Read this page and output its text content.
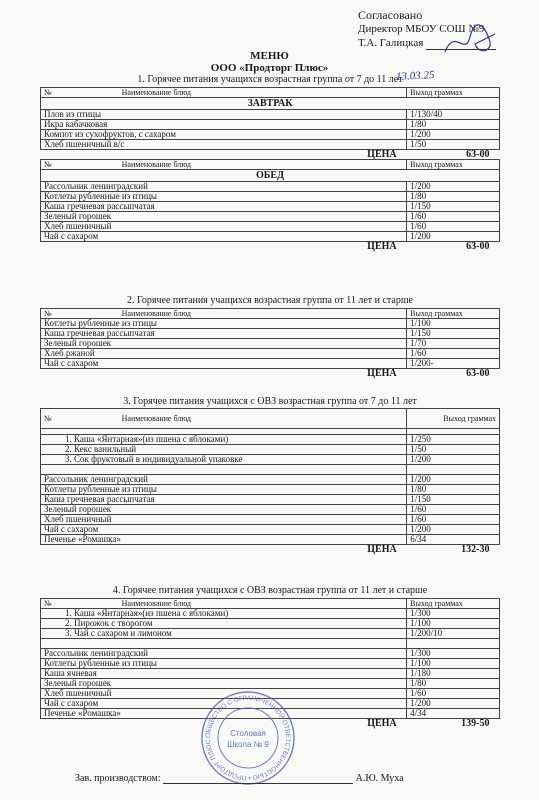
Согласовано
Директор МБОУ СОШ №9
Т.А. Галицкая
13.03.25
МЕНЮ
ООО «Продторг Плюс»
1. Горячее питания учащихся возрастная группа от 7 до 11 лет
№ Наименование блюд	Выход граммах
ЗАВТРАК	
Плов из птицы	1/130/40
Икра кабачковая	1/80
Компот из сухофруктов, с сахаром	1/200
Хлеб пшеничный в/с	1/50
ЦЕНА	63-00
№ Наименование блюд	Выход граммах
ОБЕД	
Рассольник ленинградский	1/200
Котлеты рубленные из птицы	1/80
Каша гречневая рассыпчатая	1/150
Зеленый горошек	1/60
Хлеб пшеничный	1/60
Чай с сахаром	1/200
ЦЕНА	63-00
2. Горячее питания учащихся возрастная группа от 11 лет и старше
№ Наименование блюд	Выход граммах
Котлеты рубленные из птицы	1/100
Каша гречневая рассыпчатая	1/150
Зеленый горошек	1/70
Хлеб ржаной	1/60
Чай с сахаром	1/200-
ЦЕНА	63-00
3. Горячее питания учащихся с ОВЗ возрастная группа от 7 до 11 лет
№ Наименование блюд	Выход граммах

1. Каша «Янтарная»(из пшена с яблоками)	1/250
2. Кекс ванильный	1/50
3. Сок фруктовый в индивидуальной упаковке	1/200

Рассольник ленинградский	1/200
Котлеты рубленные из птицы	1/80
Каша гречневая рассыпчатая	1/150
Зеленый горошек	1/60
Хлеб пшеничный	1/60
Чай с сахаром	1/200
Печенье «Ромашка»	6/34
ЦЕНА	132-30
4. Горячее питания учащихся с ОВЗ возрастная группа от 11 лет и старше
№ Наименование блюд	Выход граммах
1. Каша «Янтарная»(из пшена с яблоками)	1/300
2. Пирожок с творогом	1/100
3. Чай с сахаром и лимоном	1/200/10

Рассольник ленинградский	1/300
Котлеты рубленные из птицы	1/100
Каша ячневая	1/180
Зеленый горошек	1/80
Хлеб пшеничный	1/60
Чай с сахаром	1/200
Печенье «Ромашка»	4/34
ЦЕНА	139-50
ОБЩЕСТВО С ОГРАНИЧЕННОЙ ОТВЕТСТВЕННОСТЬЮ • ПРОДТОРГ ПЛЮС
Столовая
Школа № 9
Зав. производством:	А.Ю. Муха
